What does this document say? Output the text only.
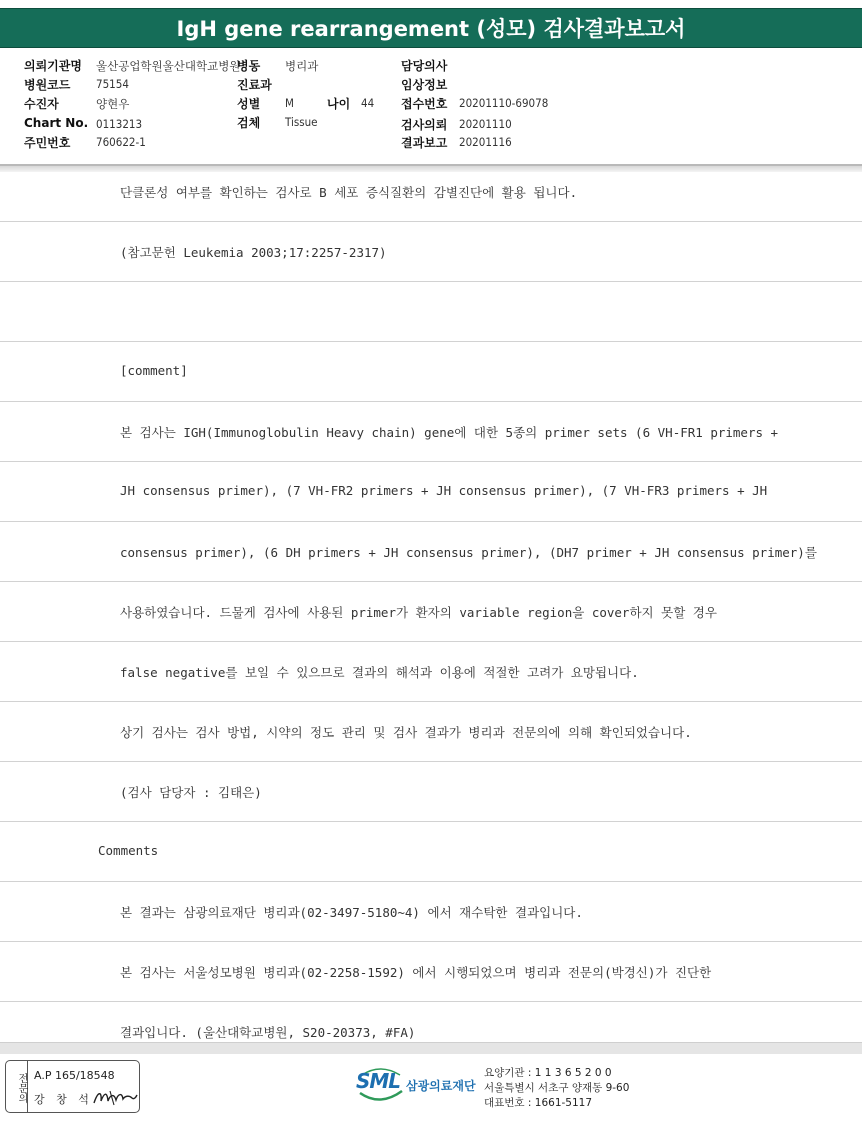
IgH gene rearrangement (성모) 검사결과보고서
의뢰기관명 울산공업학원울산대학교병원
병원코드 75154
수진자	양현우
Chart No. 0113213
주민번호 760622-1
병동 병리과
진료과
성별 M	나이 44
검체 Tissue
담당의사
임상정보
접수번호 20201110-69078
검사의뢰 20201110
결과보고 20201116
단클론성 여부를 확인하는 검사로 B 세포 증식질환의 감별진단에 활용 됩니다.
(참고문헌 Leukemia 2003;17:2257-2317)
[comment]
본 검사는 IGH(Immunoglobulin Heavy chain) gene에 대한 5종의 primer sets (6 VH-FR1 primers +
JH consensus primer), (7 VH-FR2 primers + JH consensus primer), (7 VH-FR3 primers + JH
consensus primer), (6 DH primers + JH consensus primer), (DH7 primer + JH consensus primer)를
사용하였습니다. 드물게 검사에 사용된 primer가 환자의 variable region을 cover하지 못할 경우
false negative를 보일 수 있으므로 결과의 해석과 이용에 적절한 고려가 요망됩니다.
상기 검사는 검사 방법, 시약의 정도 관리 및 검사 결과가 병리과 전문의에 의해 확인되었습니다.
(검사 담당자 : 김태은)
Comments
본 결과는 삼광의료재단 병리과(02-3497-5180~4) 에서 재수탁한 결과입니다.
본 검사는 서울성모병원 병리과(02-2258-1592) 에서 시행되었으며 병리과 전문의(박경신)가 진단한
결과입니다. (울산대학교병원, S20-20373, #FA)
전문의 A.P 165/18548
강 창 석
SML 삼광의료재단
요양기관 : 1 1 3 6 5 2 0 0
서울특별시 서초구 양재동 9-60
대표번호 : 1661-5117
